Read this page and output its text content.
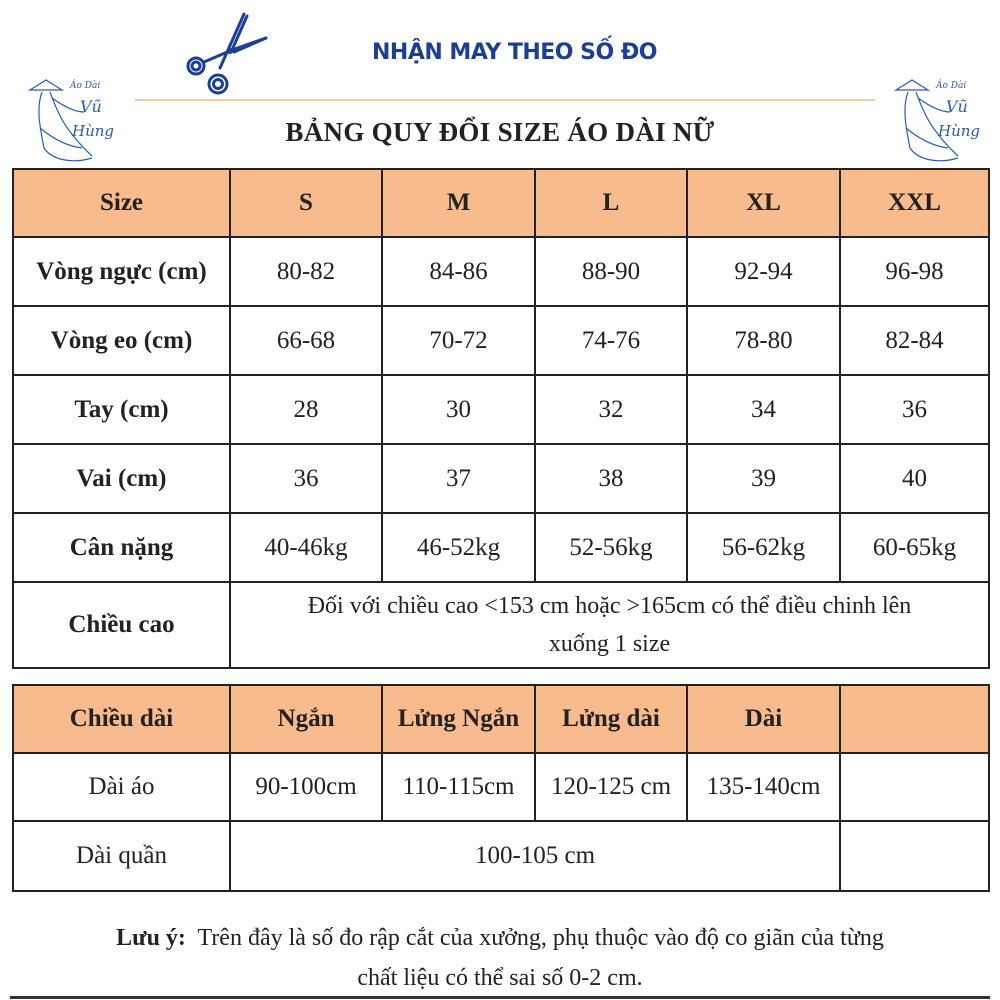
NHẬN MAY THEO SỐ ĐO
Áo Dài
Vũ
Hùng
Áo Dài
Vũ
Hùng
BẢNG QUY ĐỔI SIZE ÁO DÀI NỮ
Size	S	M	L	XL	XXL
Vòng ngực (cm)	80-82	84-86	88-90	92-94	96-98
Vòng eo (cm)	66-68	70-72	74-76	78-80	82-84
Tay (cm)	28	30	32	34	36
Vai (cm)	36	37	38	39	40
Cân nặng	40-46kg	46-52kg	52-56kg	56-62kg	60-65kg
Chiều cao	Đối với chiều cao <153 cm hoặc >165cm có thể điều chinh lên
xuống 1 size				
Chiều dài	Ngắn	Lửng Ngắn	Lửng dài	Dài	
Dài áo	90-100cm	110-115cm	120-125 cm	135-140cm	
Dài quần	100-105 cm				
Lưu ý: Trên đây là số đo rập cắt của xưởng, phụ thuộc vào độ co giãn của từng
chất liệu có thể sai số 0-2 cm.
